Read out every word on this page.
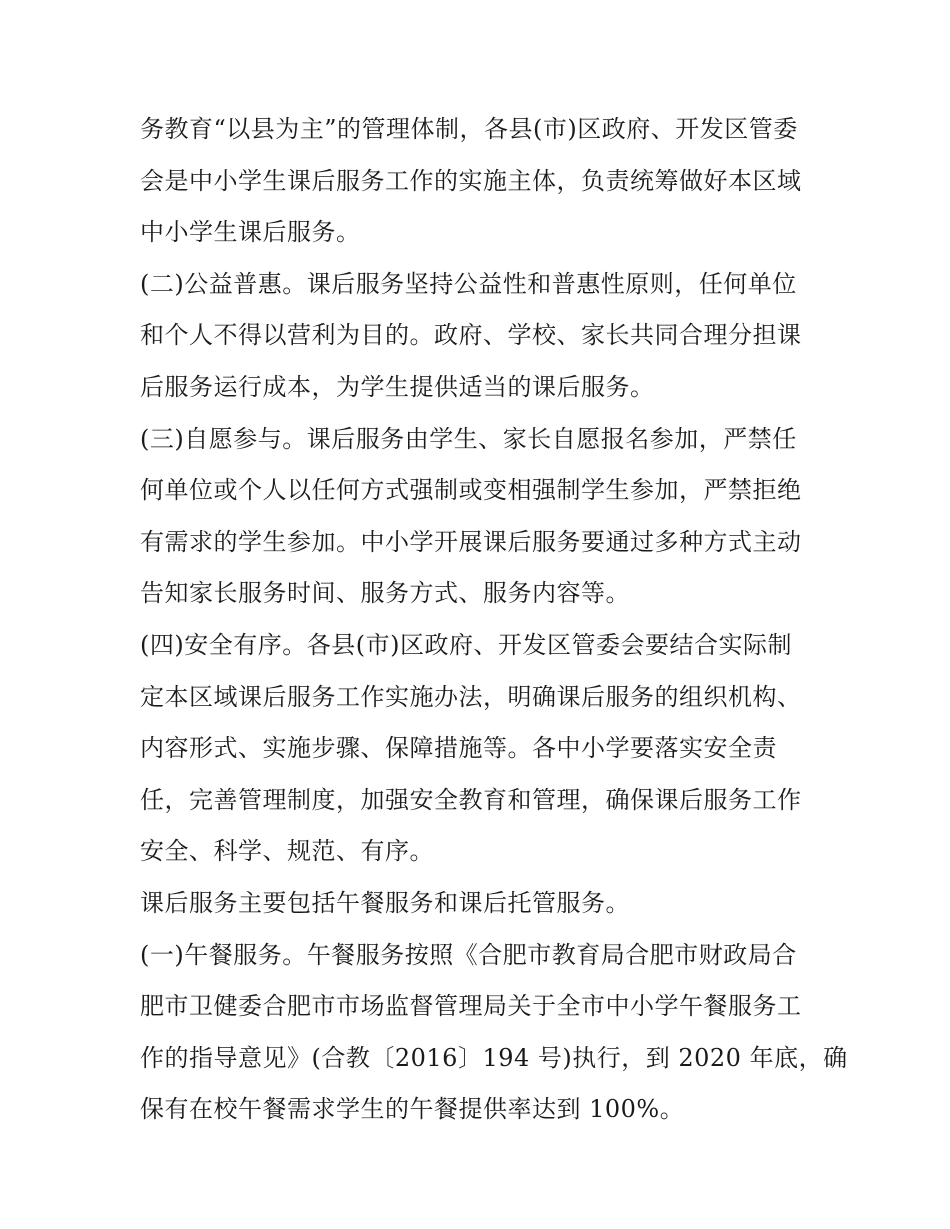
务教育“以县为主”的管理体制，各县(市)区政府、开发区管委
会是中小学生课后服务工作的实施主体，负责统筹做好本区域
中小学生课后服务。
(二)公益普惠。课后服务坚持公益性和普惠性原则，任何单位
和个人不得以营利为目的。政府、学校、家长共同合理分担课
后服务运行成本，为学生提供适当的课后服务。
(三)自愿参与。课后服务由学生、家长自愿报名参加，严禁任
何单位或个人以任何方式强制或变相强制学生参加，严禁拒绝
有需求的学生参加。中小学开展课后服务要通过多种方式主动
告知家长服务时间、服务方式、服务内容等。
(四)安全有序。各县(市)区政府、开发区管委会要结合实际制
定本区域课后服务工作实施办法，明确课后服务的组织机构、
内容形式、实施步骤、保障措施等。各中小学要落实安全责
任，完善管理制度，加强安全教育和管理，确保课后服务工作
安全、科学、规范、有序。
课后服务主要包括午餐服务和课后托管服务。
(一)午餐服务。午餐服务按照《合肥市教育局合肥市财政局合
肥市卫健委合肥市市场监督管理局关于全市中小学午餐服务工
作的指导意见》(合教〔2016〕194 号)执行，到 2020 年底，确
保有在校午餐需求学生的午餐提供率达到 100%。
